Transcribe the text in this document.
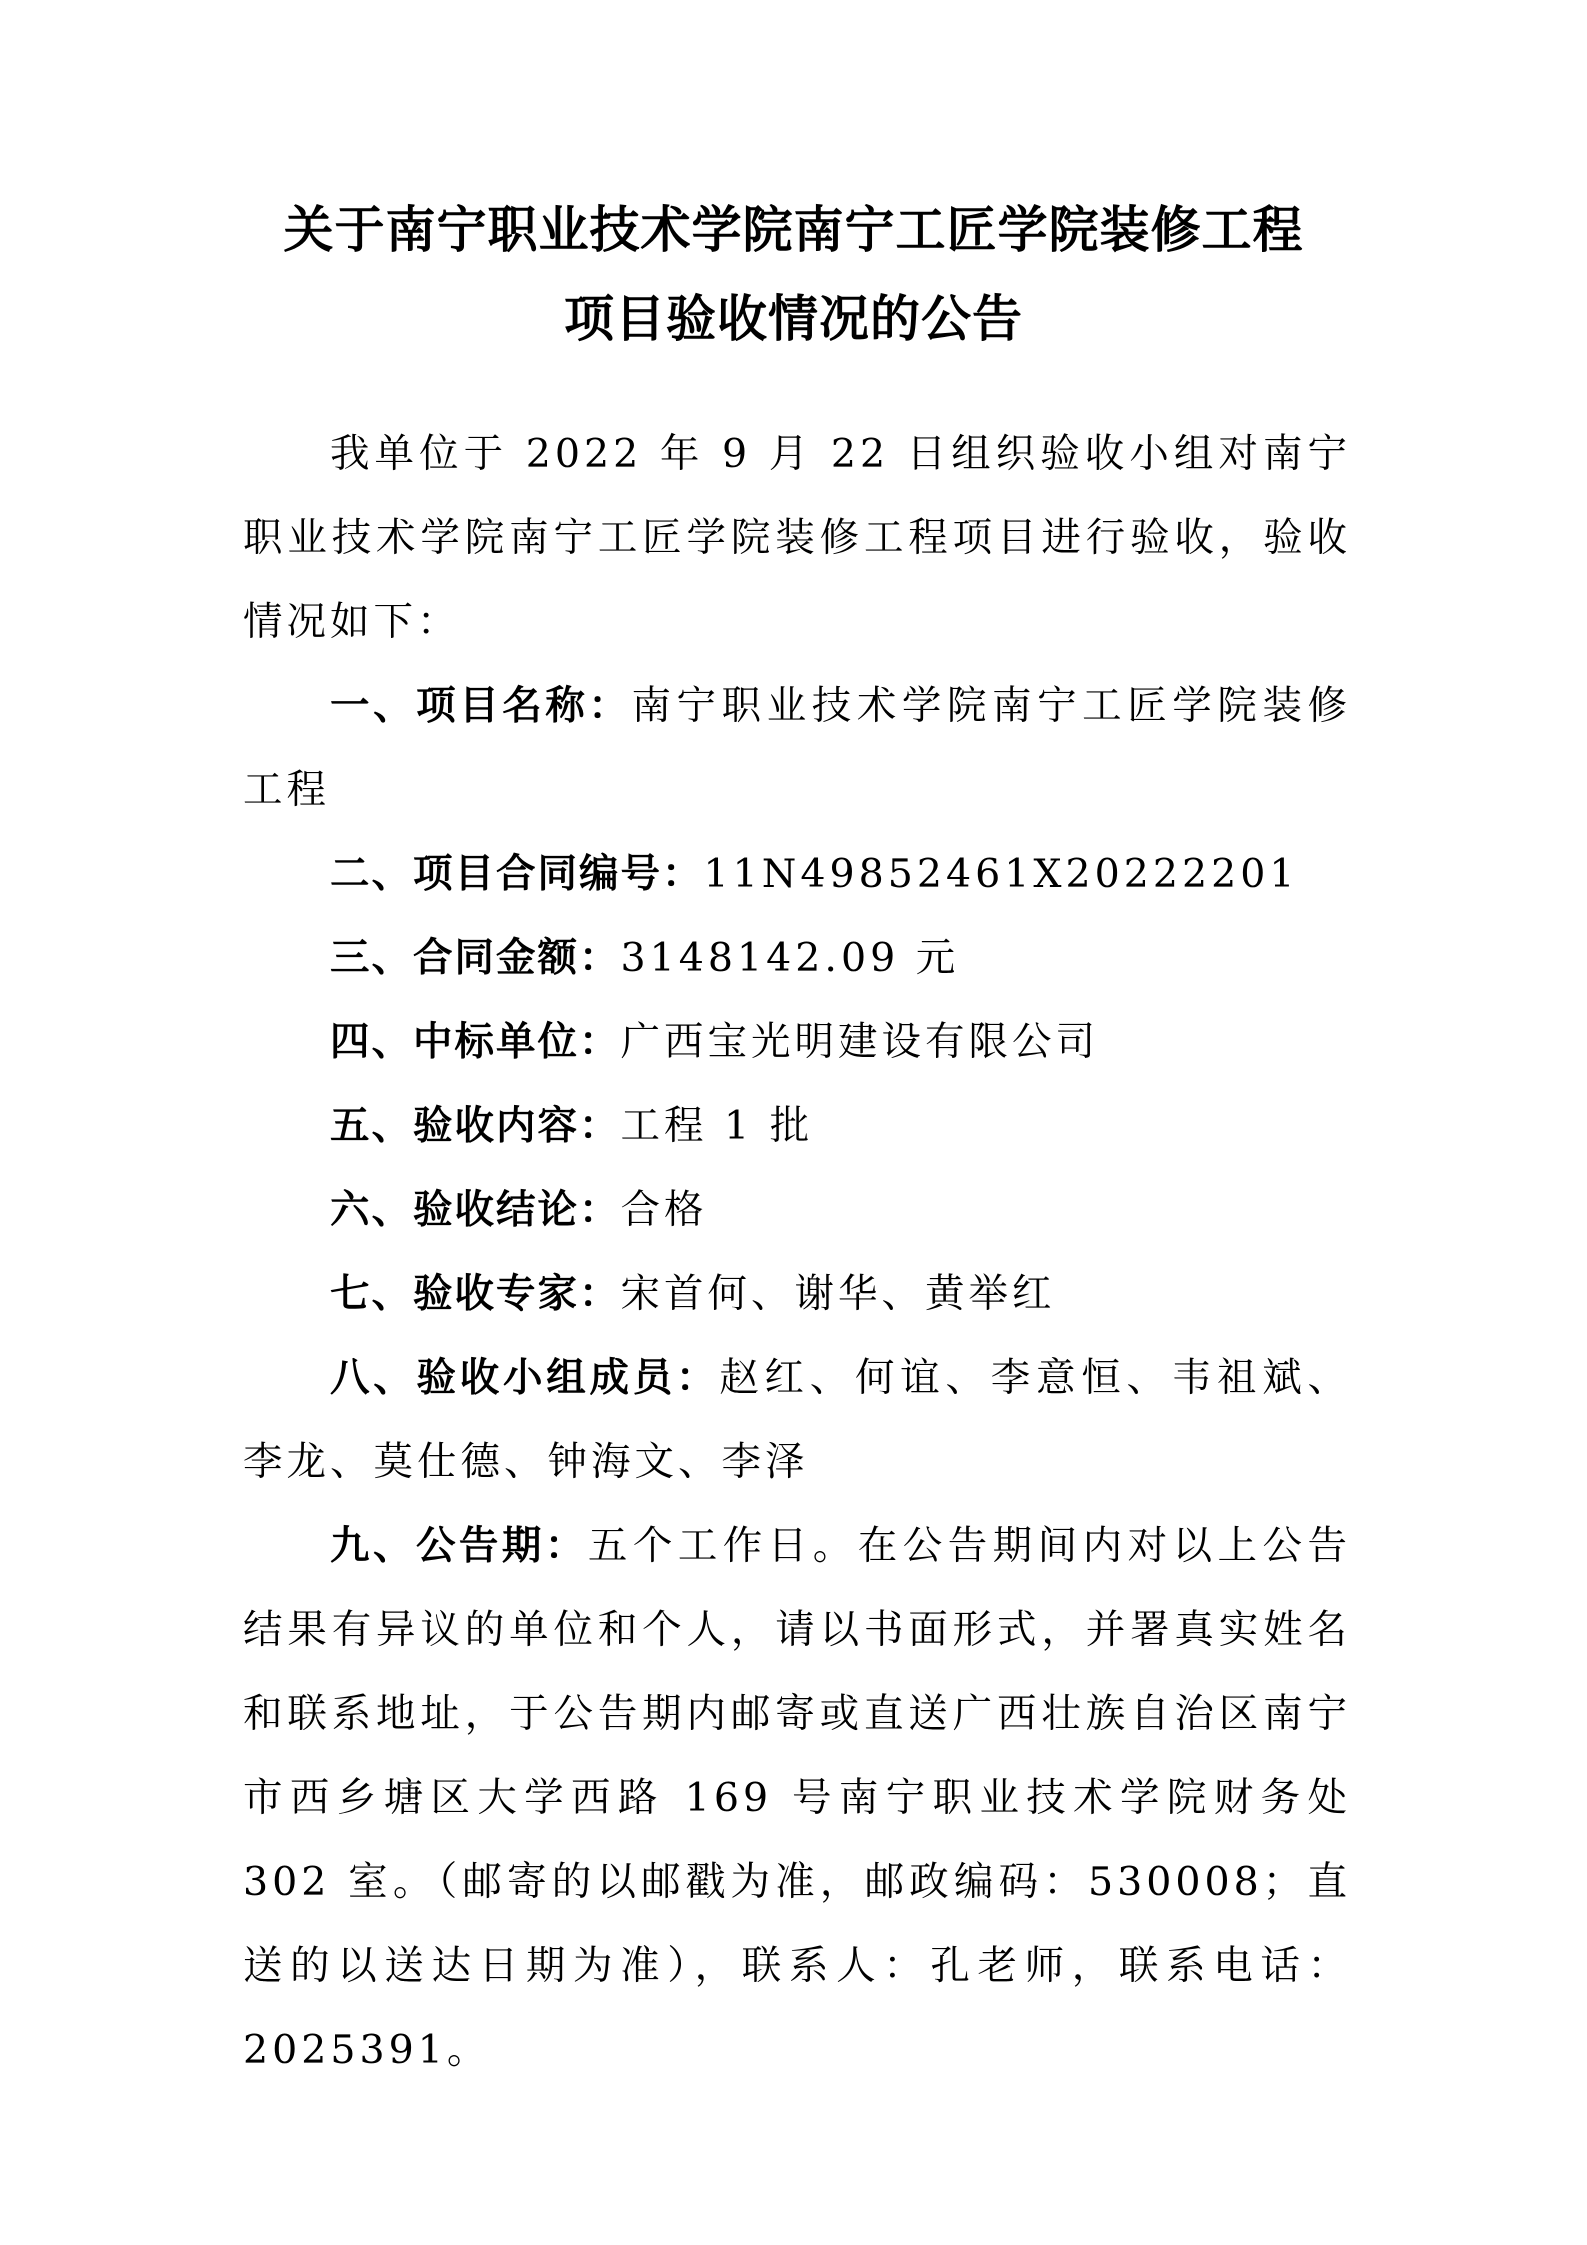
关于南宁职业技术学院南宁工匠学院装修工程
项目验收情况的公告

我单位于 2022 年 9 月 22 日组织验收小组对南宁职业技术学院南宁工匠学院装修工程项目进行验收，验收情况如下：

一、项目名称：南宁职业技术学院南宁工匠学院装修工程

二、项目合同编号：11N49852461X20222201

三、合同金额：3148142.09 元

四、中标单位：广西宝光明建设有限公司

五、验收内容：工程 1 批

六、验收结论：合格

七、验收专家：宋首何、谢华、黄举红

八、验收小组成员：赵红、何谊、李意恒、韦祖斌、李龙、莫仕德、钟海文、李泽

九、公告期：五个工作日。在公告期间内对以上公告结果有异议的单位和个人，请以书面形式，并署真实姓名和联系地址，于公告期内邮寄或直送广西壮族自治区南宁市西乡塘区大学西路 169 号南宁职业技术学院财务处 302 室。（邮寄的以邮戳为准，邮政编码：530008；直送的以送达日期为准），联系人：孔老师，联系电话：2025391。
